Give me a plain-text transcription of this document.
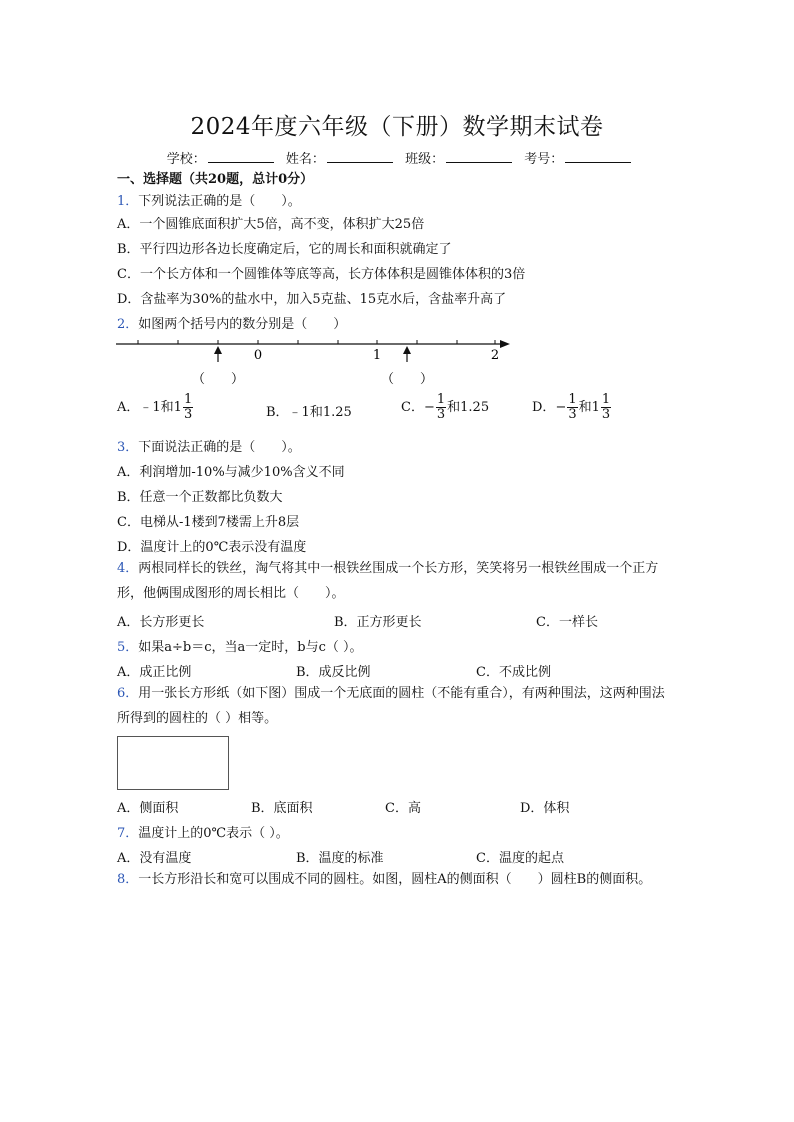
2024年度六年级（下册）数学期末试卷
学校：	姓名：	班级：	考号：
一、选择题（共20题，总计0分）
1．下列说法正确的是（　　）。
A．一个圆锥底面积扩大5倍，高不变，体积扩大25倍
B．平行四边形各边长度确定后，它的周长和面积就确定了
C．一个长方体和一个圆锥体等底等高，长方体体积是圆锥体体积的3倍
D．含盐率为30%的盐水中，加入5克盐、15克水后，含盐率升高了
2．如图两个括号内的数分别是（　　）
0	1	2
（　　）	（　　）
A．﹣1和$1 \frac{1}{3}$	B．﹣1和1.25	C．− $\frac{1}{3}$ 和1.25	D．− $\frac{1}{3}$ 和$1 \frac{1}{3}$
3．下面说法正确的是（　　）。
A．利润增加-10%与减少10%含义不同
B．任意一个正数都比负数大
C．电梯从-1楼到7楼需上升8层
D．温度计上的0℃表示没有温度
4．两根同样长的铁丝，淘气将其中一根铁丝围成一个长方形，笑笑将另一根铁丝围成一个正方形，他俩围成图形的周长相比（　　）。
A．长方形更长	B．正方形更长	C．一样长
5．如果a÷b＝c，当a一定时，b与c（ ）。
A．成正比例	B．成反比例	C．不成比例
6．用一张长方形纸（如下图）围成一个无底面的圆柱（不能有重合），有两种围法，这两种围法所得到的圆柱的（ ）相等。
A．侧面积	B．底面积	C．高	D．体积
7．温度计上的0℃表示（ ）。
A．没有温度	B．温度的标准	C．温度的起点
8．一长方形沿长和宽可以围成不同的圆柱。如图，圆柱A的侧面积（　　）圆柱B的侧面积。
